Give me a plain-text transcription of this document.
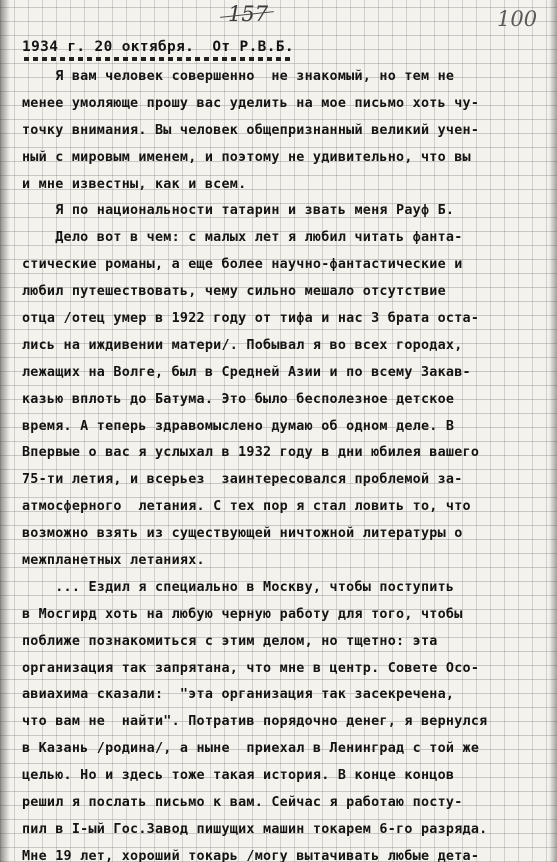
157	100
1934 г. 20 октября.  От Р.В.Б.
Я вам человек совершенно  не знакомый, но тем не
менее умоляюще прошу вас уделить на мое письмо хоть чу-
точку внимания. Вы человек общепризнанный великий учен-
ный с мировым именем, и поэтому не удивительно, что вы
и мне известны, как и всем.
Я по национальности татарин и звать меня Рауф Б.
Дело вот в чем: с малых лет я любил читать фанта-
стические романы, а еще более научно-фантастические и
любил путешествовать, чему сильно мешало отсутствие
отца /отец умер в 1922 году от тифа и нас 3 брата оста-
лись на иждивении матери/. Побывал я во всех городах,
лежащих на Волге, был в Средней Азии и по всему Закав-
казью вплоть до Батума. Это было бесполезное детское
время. А теперь здравомыслено думаю об одном деле. В
Впервые о вас я услыхал в 1932 году в дни юбилея вашего
75-ти летия, и всерьез  заинтересовался проблемой за-
атмосферного  летания. С тех пор я стал ловить то, что
возможно взять из существующей ничтожной литературы о
межпланетных летаниях.
... Ездил я специально в Москву, чтобы поступить
в Мосгирд хоть на любую черную работу для того, чтобы
поближе познакомиться с этим делом, но тщетно: эта
организация так запрятана, что мне в центр. Совете Осо-
авиахима сказали:  "эта организация так засекречена,
что вам не  найти". Потратив порядочно денег, я вернулся
в Казань /родина/, а ныне  приехал в Ленинград с той же
целью. Но и здесь тоже такая история. В конце концов
решил я послать письмо к вам. Сейчас я работаю посту-
пил в I-ый Гос.Завод пишущих машин токарем 6-го разряда.
Мне 19 лет, хороший токарь /могу вытачивать любые дета-
